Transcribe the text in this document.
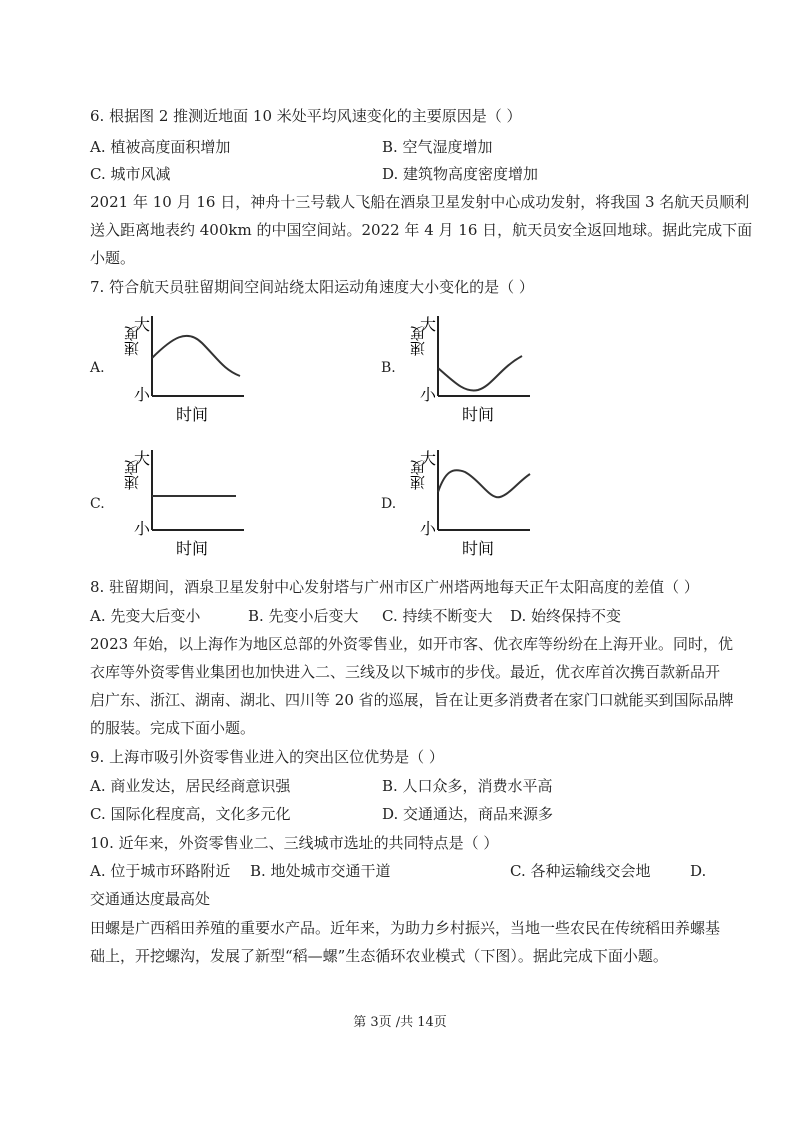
6. 根据图 2 推测近地面 10 米处平均风速变化的主要原因是（ ）
A. 植被高度面积增加	B. 空气湿度增加
C. 城市风减	D. 建筑物高度密度增加
2021 年 10 月 16 日，神舟十三号载人飞船在酒泉卫星发射中心成功发射，将我国 3 名航天员顺利
送入距离地表约 400km 的中国空间站。2022 年 4 月 16 日，航天员安全返回地球。据此完成下面
小题。
7. 符合航天员驻留期间空间站绕太阳运动角速度大小变化的是（ ）
A.	B.
C.	D.
大
小
速度
时间
大
小
速度
时间
大
小
速度
时间
大
小
速度
时间
8. 驻留期间，酒泉卫星发射中心发射塔与广州市区广州塔两地每天正午太阳高度的差值（ ）
A. 先变大后变小	B. 先变小后变大 C. 持续不断变大 D. 始终保持不变
2023 年始，以上海作为地区总部的外资零售业，如开市客、优衣库等纷纷在上海开业。同时，优
衣库等外资零售业集团也加快进入二、三线及以下城市的步伐。最近，优衣库首次携百款新品开
启广东、浙江、湖南、湖北、四川等 20 省的巡展，旨在让更多消费者在家门口就能买到国际品牌
的服装。完成下面小题。
9. 上海市吸引外资零售业进入的突出区位优势是（ ）
A. 商业发达，居民经商意识强	B. 人口众多，消费水平高
C. 国际化程度高，文化多元化	D. 交通通达，商品来源多
10. 近年来，外资零售业二、三线城市选址的共同特点是（ ）
A. 位于城市环路附近 B. 地处城市交通干道	C. 各种运输线交会地	D.
交通通达度最高处
田螺是广西稻田养殖的重要水产品。近年来，为助力乡村振兴，当地一些农民在传统稻田养螺基
础上，开挖螺沟，发展了新型“稻—螺”生态循环农业模式（下图）。据此完成下面小题。
第 3页 /共 14页
